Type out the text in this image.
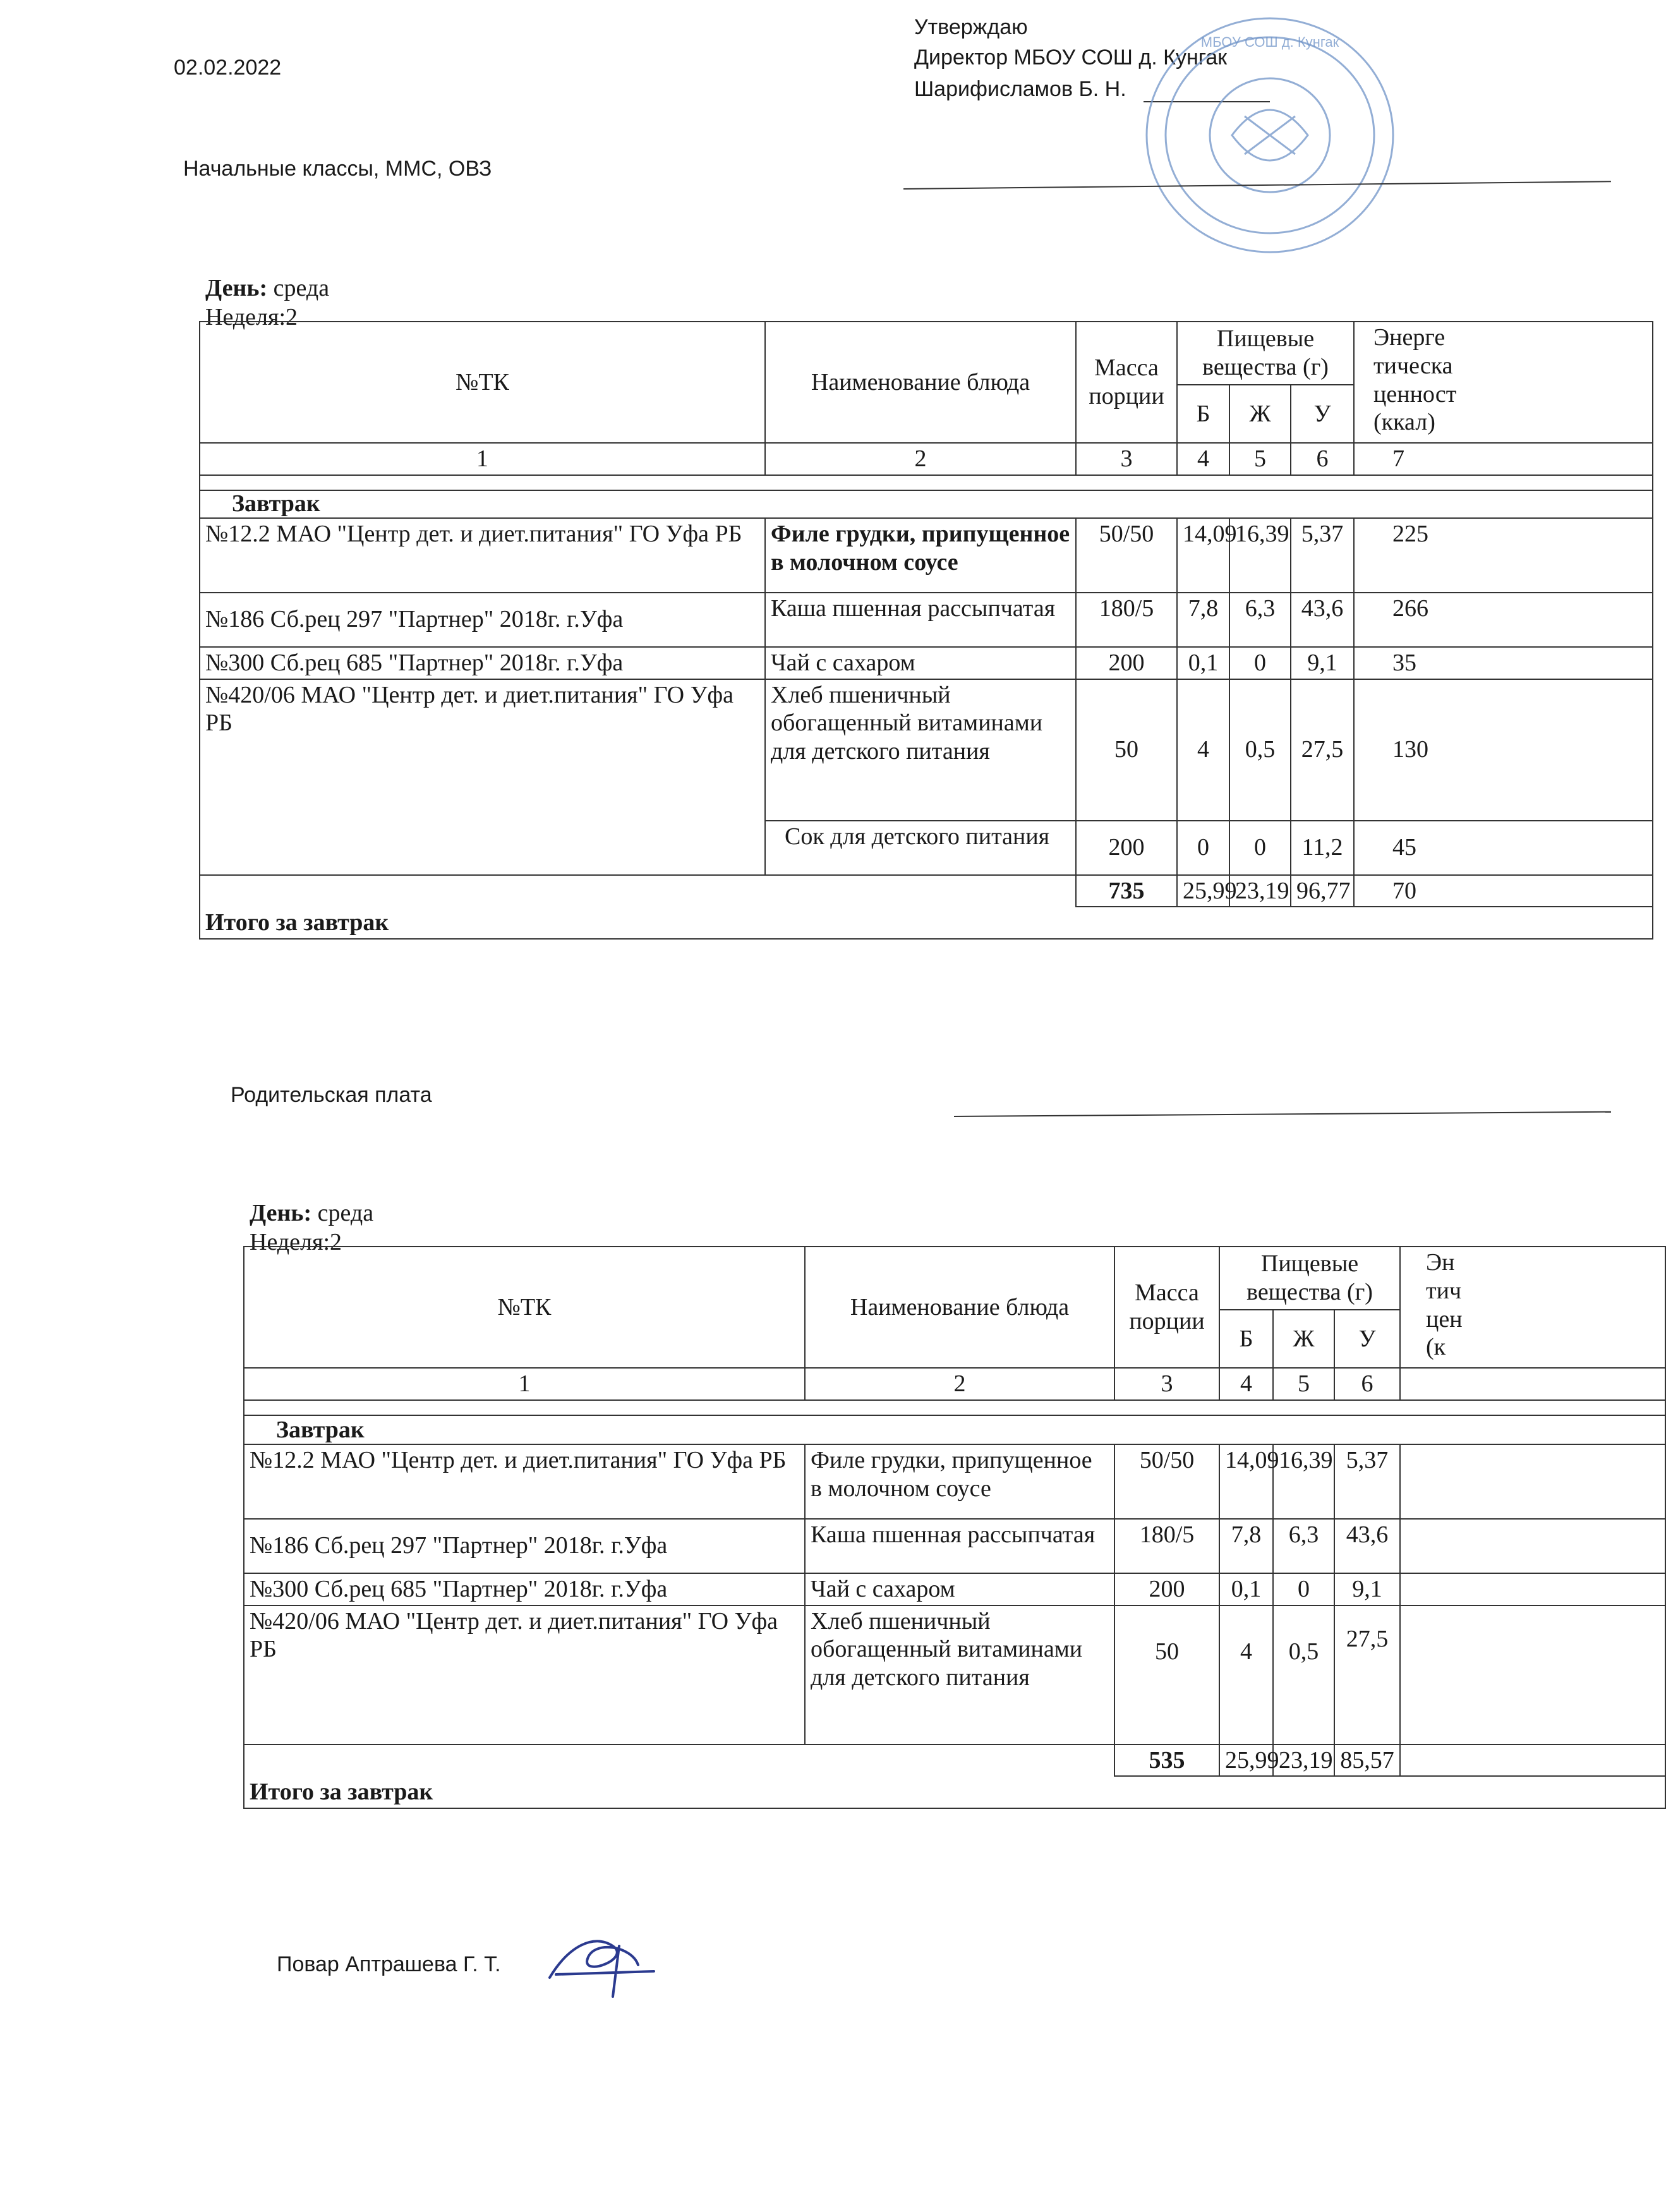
02.02.2022
Утверждаю
Директор МБОУ СОШ д. Кунгак
Шарифисламов Б. Н.
МБОУ СОШ д. Кунгак
Начальные классы, ММС, ОВЗ
День: среда
Неделя:2
№ТК	Наименование блюда	Масса порции	Пищевые вещества (г)			Энерге
тическа
ценност
(ккал)

			Б	Ж	У	
1	2	3	4	5	6	7

Завтрак						
№12.2 МАО "Центр дет. и диет.питания" ГО Уфа РБ	Филе грудки, припущенное в молочном соусе	50/50	14,09	16,39	5,37	225
№186 Сб.рец 297 "Партнер" 2018г. г.Уфа	Каша пшенная рассыпчатая	180/5	7,8	6,3	43,6	266
№300 Сб.рец 685 "Партнер" 2018г. г.Уфа	Чай с сахаром	200	0,1	0	9,1	35
№420/06 МАО "Центр дет. и диет.питания" ГО Уфа РБ	Хлеб пшеничный обогащенный витаминами для детского питания	50	4	0,5	27,5	130
	Сок для детского питания	200	0	0	11,2	45
		735	25,99	23,19	96,77	70
Итого за завтрак						
Родительская плата
День: среда
Неделя:2
№ТК	Наименование блюда	Масса порции	Пищевые вещества (г)			Эн
тич
цен
(к

			Б	Ж	У	
1	2	3	4	5	6	

Завтрак						
№12.2 МАО "Центр дет. и диет.питания" ГО Уфа РБ	Филе грудки, припущенное в молочном соусе	50/50	14,09	16,39	5,37	
№186 Сб.рец 297 "Партнер" 2018г. г.Уфа	Каша пшенная рассыпчатая	180/5	7,8	6,3	43,6	
№300 Сб.рец 685 "Партнер" 2018г. г.Уфа	Чай с сахаром	200	0,1	0	9,1	
№420/06 МАО "Центр дет. и диет.питания" ГО Уфа РБ	Хлеб пшеничный обогащенный витаминами для детского питания	50	4	0,5	27,5	
		535	25,99	23,19	85,57	
Итого за завтрак						
Повар Аптрашева Г. Т.
